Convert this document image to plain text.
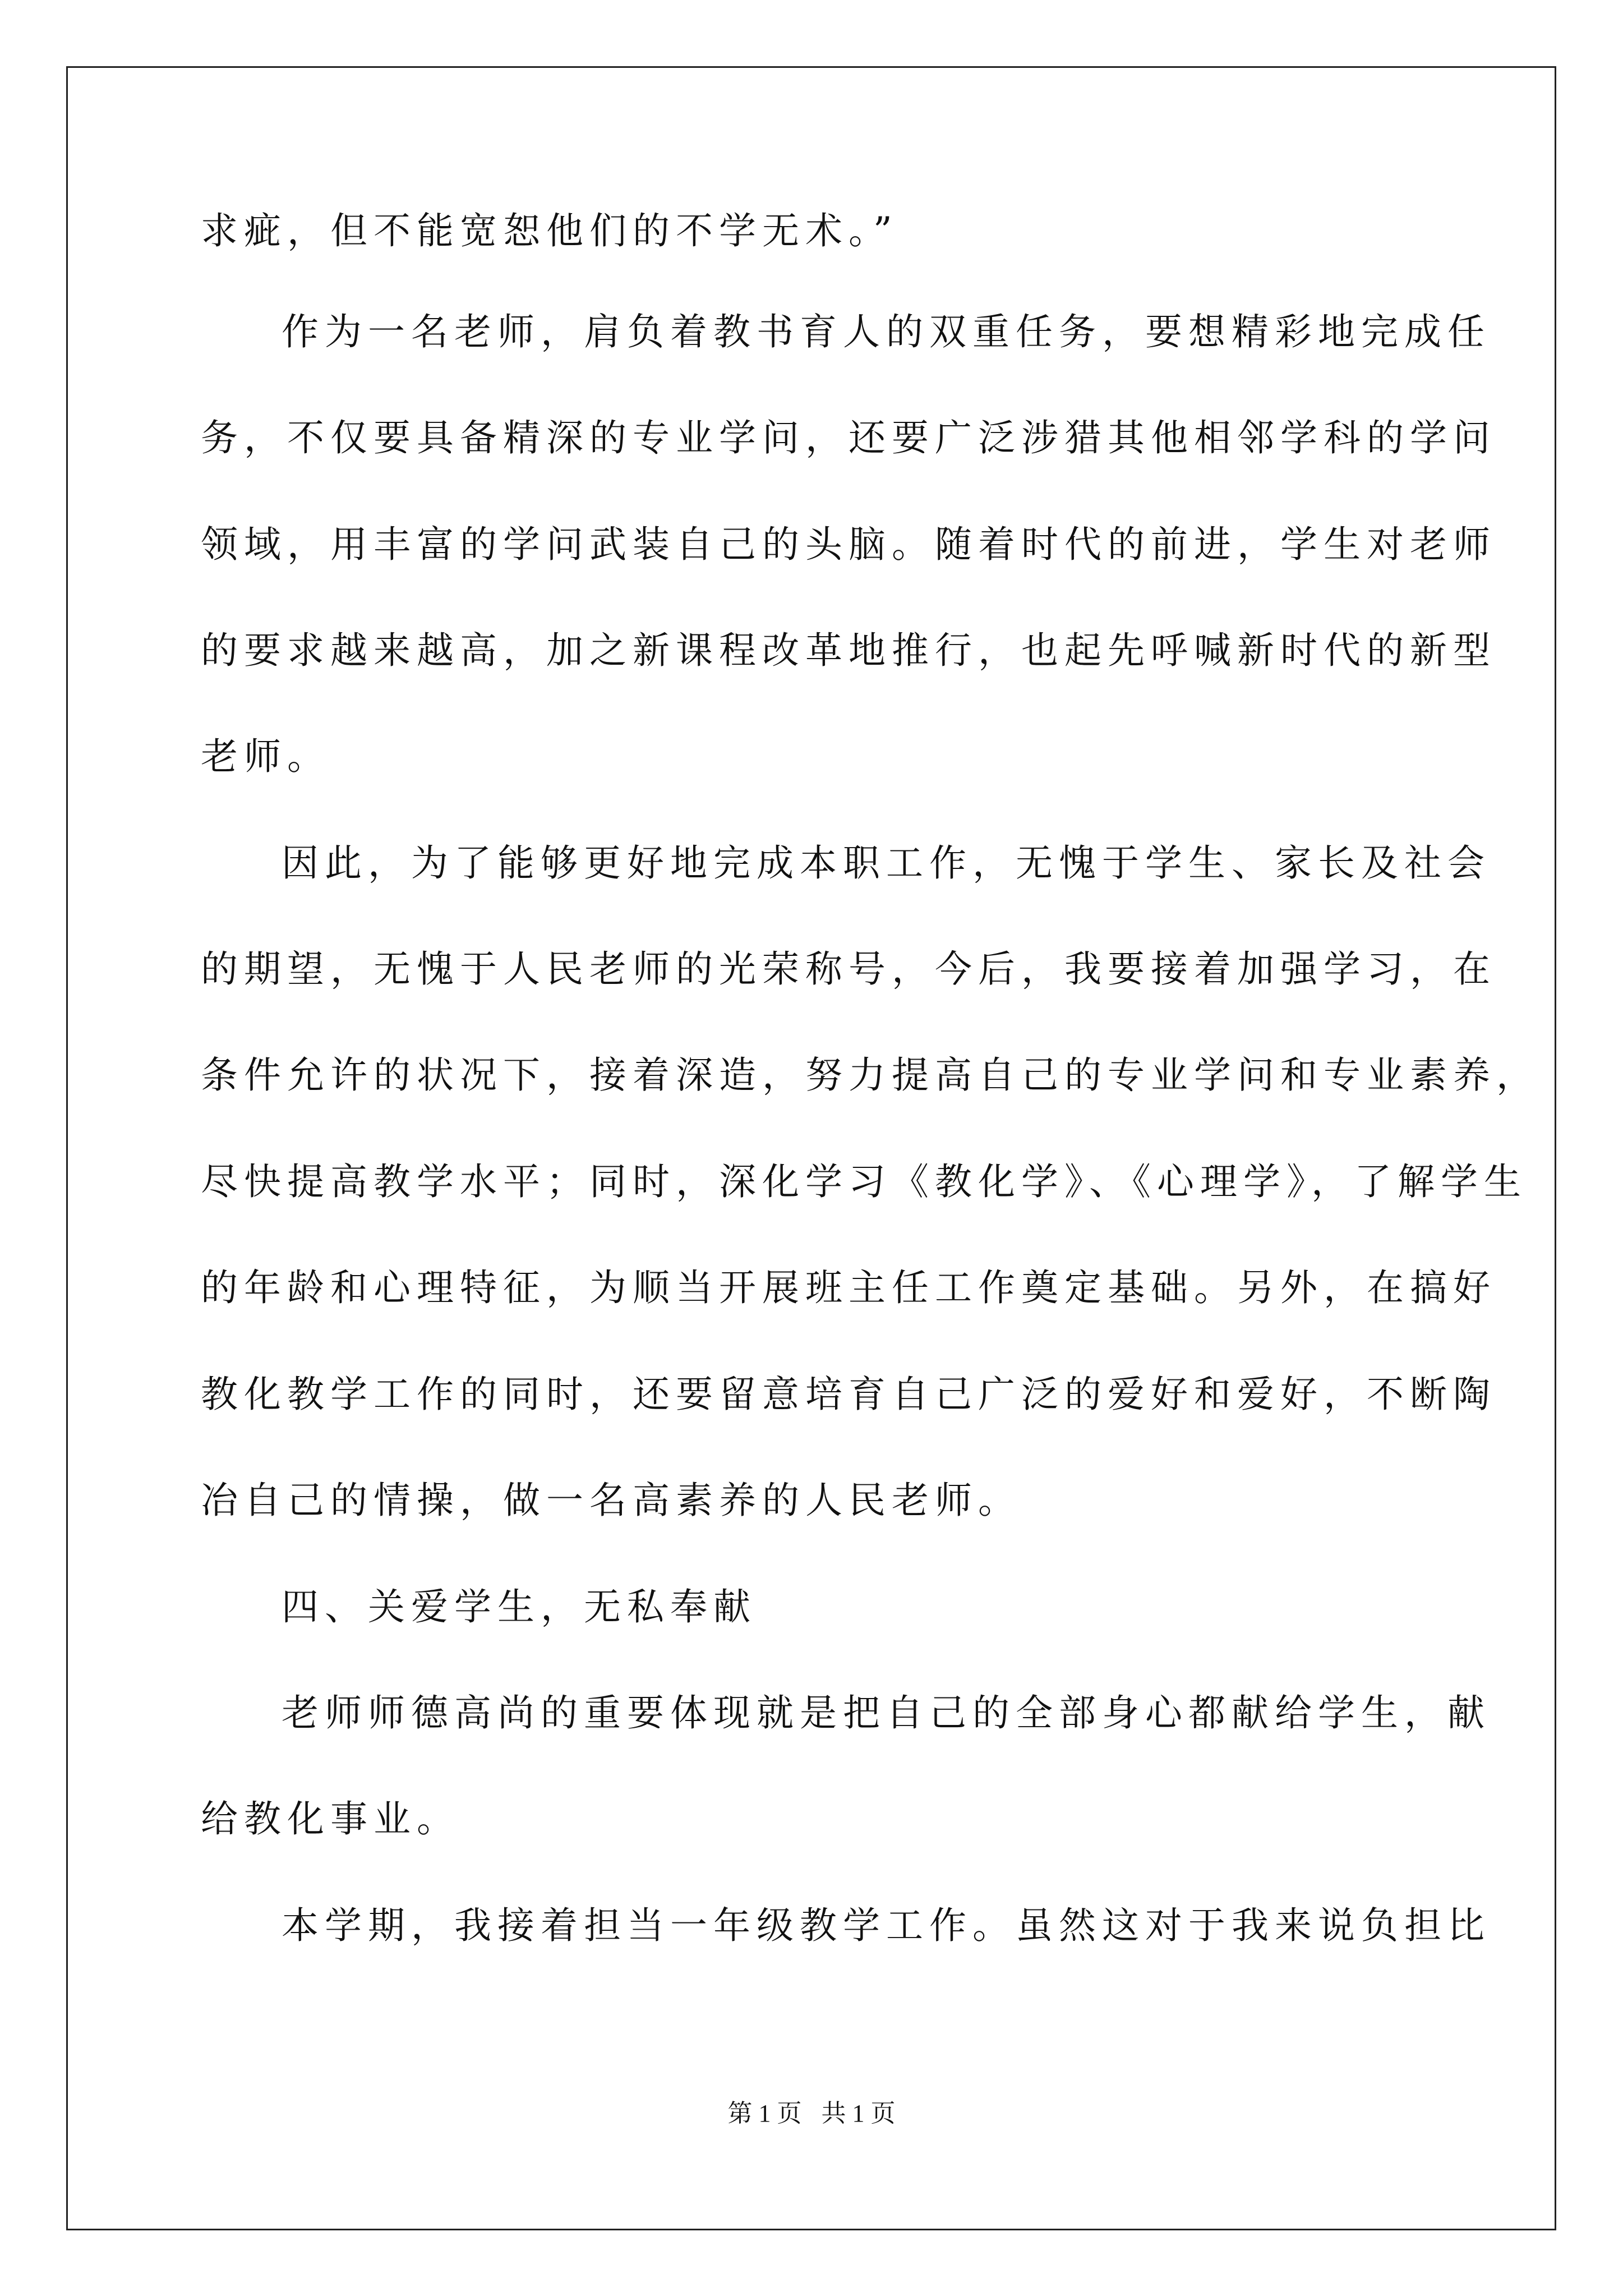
求疵，但不能宽恕他们的不学无术。”
作为一名老师，肩负着教书育人的双重任务，要想精彩地完成任
务，不仅要具备精深的专业学问，还要广泛涉猎其他相邻学科的学问
领域，用丰富的学问武装自己的头脑。随着时代的前进，学生对老师
的要求越来越高，加之新课程改革地推行，也起先呼喊新时代的新型
老师。
因此，为了能够更好地完成本职工作，无愧于学生、家长及社会
的期望，无愧于人民老师的光荣称号，今后，我要接着加强学习，在
条件允许的状况下，接着深造，努力提高自己的专业学问和专业素养，
尽快提高教学水平；同时，深化学习《教化学》、《心理学》，了解学生
的年龄和心理特征，为顺当开展班主任工作奠定基础。另外，在搞好
教化教学工作的同时，还要留意培育自己广泛的爱好和爱好，不断陶
冶自己的情操，做一名高素养的人民老师。
四、关爱学生，无私奉献
老师师德高尚的重要体现就是把自己的全部身心都献给学生，献
给教化事业。
本学期，我接着担当一年级教学工作。虽然这对于我来说负担比
第 1 页 共 1 页
